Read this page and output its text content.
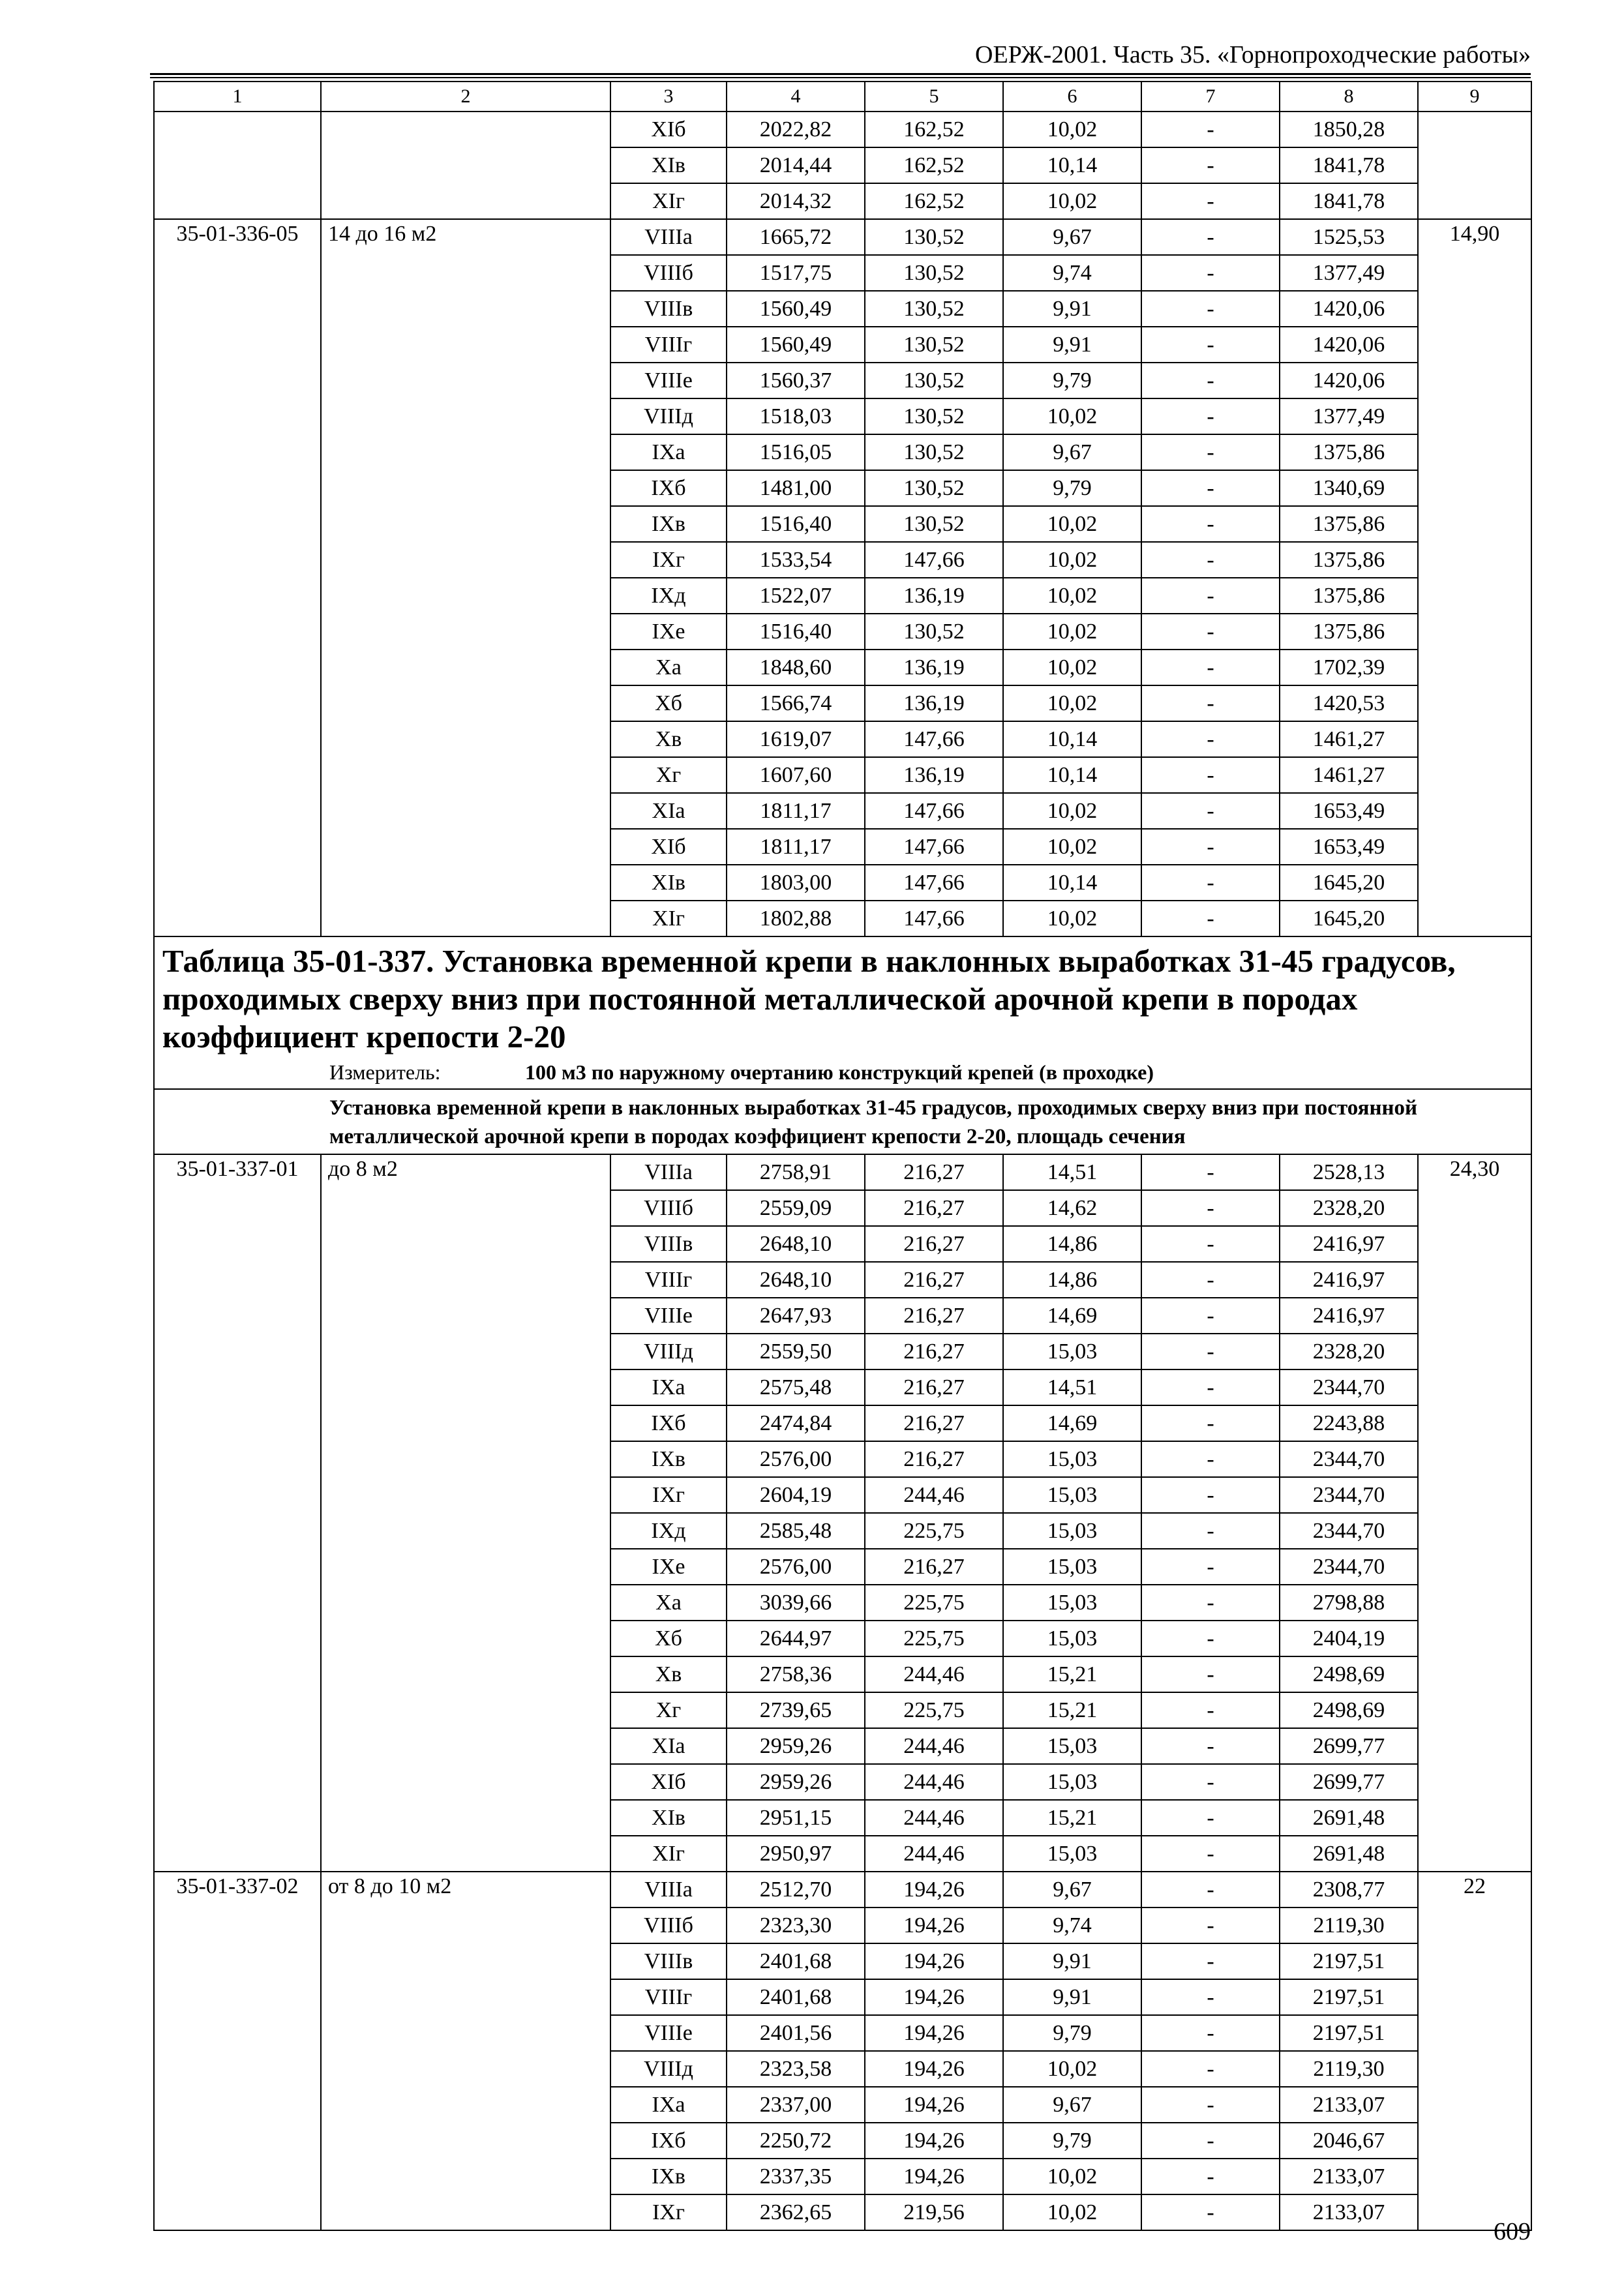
ОЕРЖ-2001. Часть 35. «Горнопроходческие работы»
1	2	3	4	5	6	7	8	9
		XIб	2022,82	162,52	10,02	-	1850,28	
		XIв	2014,44	162,52	10,14	-	1841,78	
		XIг	2014,32	162,52	10,02	-	1841,78	
35-01-336-05	14 до 16 м2	VIIIа	1665,72	130,52	9,67	-	1525,53	14,90
		VIIIб	1517,75	130,52	9,74	-	1377,49	
		VIIIв	1560,49	130,52	9,91	-	1420,06	
		VIIIг	1560,49	130,52	9,91	-	1420,06	
		VIIIе	1560,37	130,52	9,79	-	1420,06	
		VIIIд	1518,03	130,52	10,02	-	1377,49	
		IXа	1516,05	130,52	9,67	-	1375,86	
		IXб	1481,00	130,52	9,79	-	1340,69	
		IXв	1516,40	130,52	10,02	-	1375,86	
		IXг	1533,54	147,66	10,02	-	1375,86	
		IXд	1522,07	136,19	10,02	-	1375,86	
		IXе	1516,40	130,52	10,02	-	1375,86	
		Xа	1848,60	136,19	10,02	-	1702,39	
		Xб	1566,74	136,19	10,02	-	1420,53	
		Xв	1619,07	147,66	10,14	-	1461,27	
		Xг	1607,60	136,19	10,14	-	1461,27	
		XIа	1811,17	147,66	10,02	-	1653,49	
		XIб	1811,17	147,66	10,02	-	1653,49	
		XIв	1803,00	147,66	10,14	-	1645,20	
		XIг	1802,88	147,66	10,02	-	1645,20	

Таблица 35-01-337. Установка временной крепи в наклонных выработках 31-45 градусов, проходимых сверху вниз при постоянной металлической арочной крепи в породах коэффициент крепости 2-20
Измеритель: 100 м3 по наружному очертанию конструкций крепей (в проходке)								

Установка временной крепи в наклонных выработках 31-45 градусов, проходимых сверху вниз при постоянной металлической арочной крепи в породах коэффициент крепости 2-20, площадь сечения								
35-01-337-01	до 8 м2	VIIIа	2758,91	216,27	14,51	-	2528,13	24,30
		VIIIб	2559,09	216,27	14,62	-	2328,20	
		VIIIв	2648,10	216,27	14,86	-	2416,97	
		VIIIг	2648,10	216,27	14,86	-	2416,97	
		VIIIе	2647,93	216,27	14,69	-	2416,97	
		VIIIд	2559,50	216,27	15,03	-	2328,20	
		IXа	2575,48	216,27	14,51	-	2344,70	
		IXб	2474,84	216,27	14,69	-	2243,88	
		IXв	2576,00	216,27	15,03	-	2344,70	
		IXг	2604,19	244,46	15,03	-	2344,70	
		IXд	2585,48	225,75	15,03	-	2344,70	
		IXе	2576,00	216,27	15,03	-	2344,70	
		Xа	3039,66	225,75	15,03	-	2798,88	
		Xб	2644,97	225,75	15,03	-	2404,19	
		Xв	2758,36	244,46	15,21	-	2498,69	
		Xг	2739,65	225,75	15,21	-	2498,69	
		XIа	2959,26	244,46	15,03	-	2699,77	
		XIб	2959,26	244,46	15,03	-	2699,77	
		XIв	2951,15	244,46	15,21	-	2691,48	
		XIг	2950,97	244,46	15,03	-	2691,48	
35-01-337-02	от 8 до 10 м2	VIIIа	2512,70	194,26	9,67	-	2308,77	22
		VIIIб	2323,30	194,26	9,74	-	2119,30	
		VIIIв	2401,68	194,26	9,91	-	2197,51	
		VIIIг	2401,68	194,26	9,91	-	2197,51	
		VIIIе	2401,56	194,26	9,79	-	2197,51	
		VIIIд	2323,58	194,26	10,02	-	2119,30	
		IXа	2337,00	194,26	9,67	-	2133,07	
		IXб	2250,72	194,26	9,79	-	2046,67	
		IXв	2337,35	194,26	10,02	-	2133,07	
		IXг	2362,65	219,56	10,02	-	2133,07	
609
